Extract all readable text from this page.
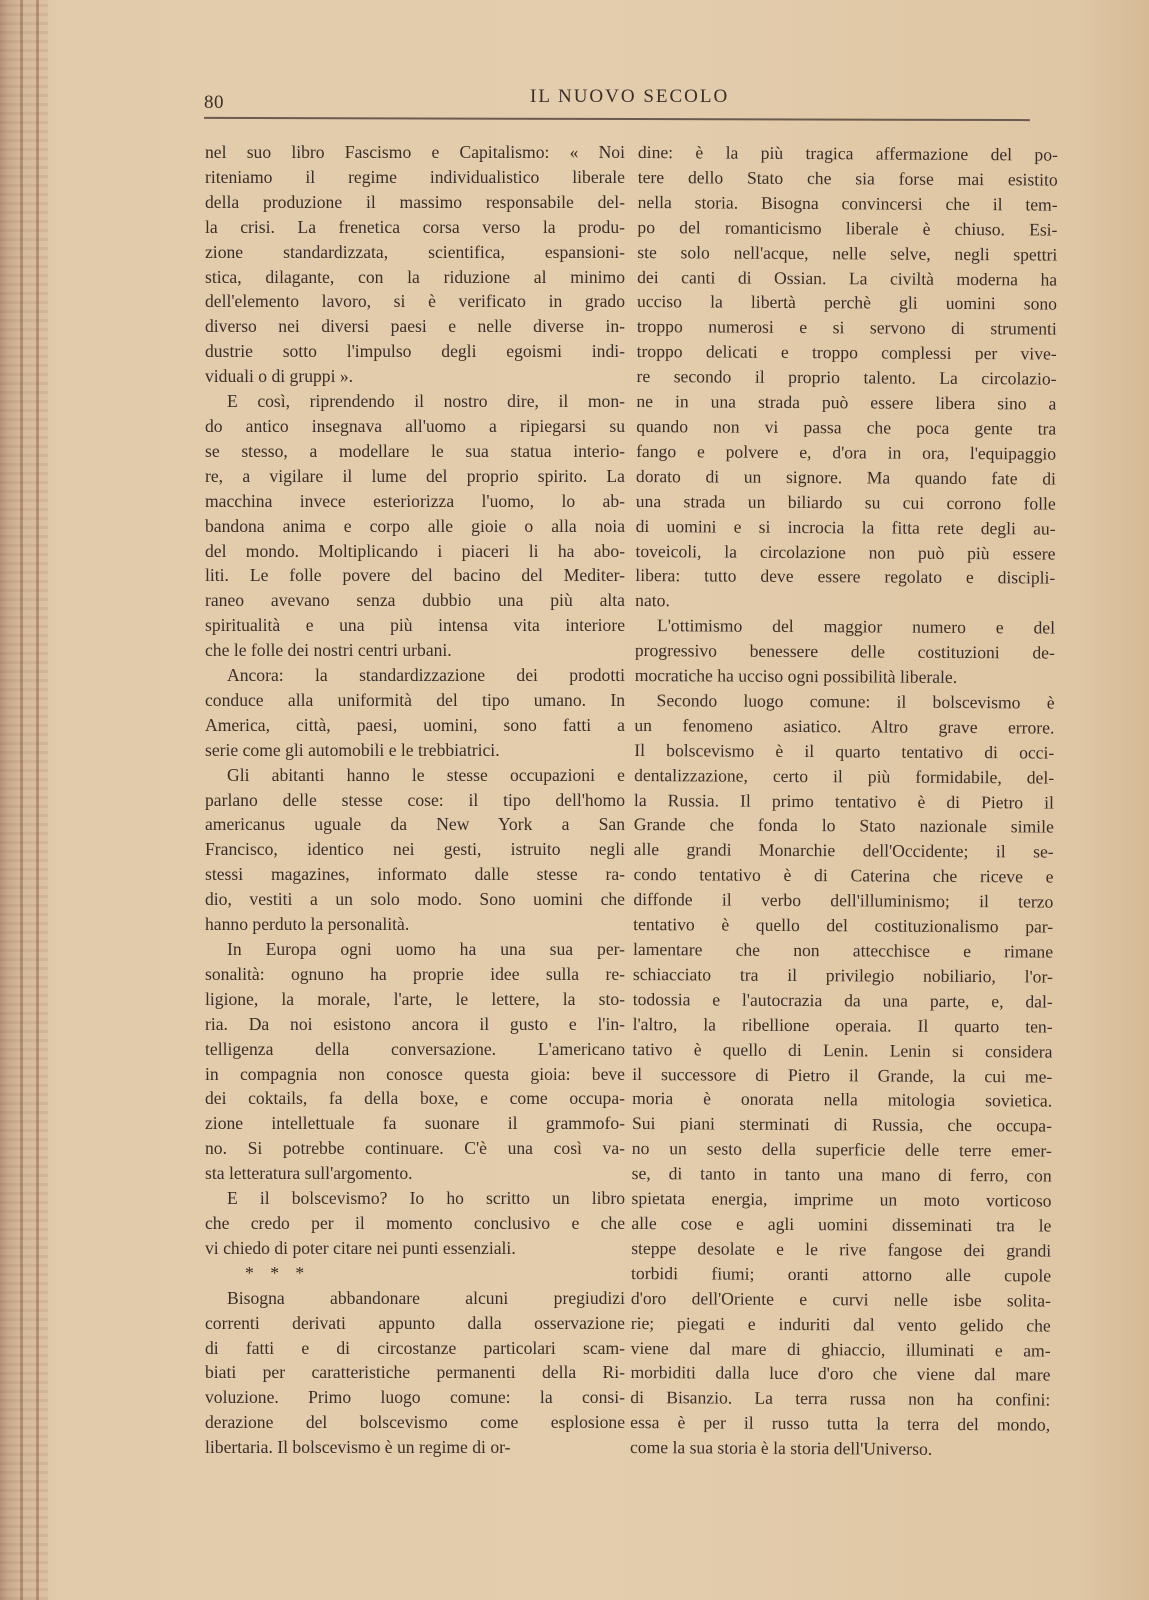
80	IL NUOVO SECOLO
nel suo libro Fascismo e Capitalismo: « Noi
riteniamo il regime individualistico liberale
della produzione il massimo responsabile del-
la crisi. La frenetica corsa verso la produ-
zione standardizzata, scientifica, espansioni-
stica, dilagante, con la riduzione al minimo
dell'elemento lavoro, si è verificato in grado
diverso nei diversi paesi e nelle diverse in-
dustrie sotto l'impulso degli egoismi indi-
viduali o di gruppi ».
E così, riprendendo il nostro dire, il mon-
do antico insegnava all'uomo a ripiegarsi su
se stesso, a modellare le sua statua interio-
re, a vigilare il lume del proprio spirito. La
macchina invece esteriorizza l'uomo, lo ab-
bandona anima e corpo alle gioie o alla noia
del mondo. Moltiplicando i piaceri li ha abo-
liti. Le folle povere del bacino del Mediter-
raneo avevano senza dubbio una più alta
spiritualità e una più intensa vita interiore
che le folle dei nostri centri urbani.
Ancora: la standardizzazione dei prodotti
conduce alla uniformità del tipo umano. In
America, città, paesi, uomini, sono fatti a
serie come gli automobili e le trebbiatrici.
Gli abitanti hanno le stesse occupazioni e
parlano delle stesse cose: il tipo dell'homo
americanus uguale da New York a San
Francisco, identico nei gesti, istruito negli
stessi magazines, informato dalle stesse ra-
dio, vestiti a un solo modo. Sono uomini che
hanno perduto la personalità.
In Europa ogni uomo ha una sua per-
sonalità: ognuno ha proprie idee sulla re-
ligione, la morale, l'arte, le lettere, la sto-
ria. Da noi esistono ancora il gusto e l'in-
telligenza della conversazione. L'americano
in compagnia non conosce questa gioia: beve
dei coktails, fa della boxe, e come occupa-
zione intellettuale fa suonare il grammofo-
no. Si potrebbe continuare. C'è una così va-
sta letteratura sull'argomento.
E il bolscevismo? Io ho scritto un libro
che credo per il momento conclusivo e che
vi chiedo di poter citare nei punti essenziali.
* * *
Bisogna abbandonare alcuni pregiudizi
correnti derivati appunto dalla osservazione
di fatti e di circostanze particolari scam-
biati per caratteristiche permanenti della Ri-
voluzione. Primo luogo comune: la consi-
derazione del bolscevismo come esplosione
libertaria. Il bolscevismo è un regime di or-
dine: è la più tragica affermazione del po-
tere dello Stato che sia forse mai esistito
nella storia. Bisogna convincersi che il tem-
po del romanticismo liberale è chiuso. Esi-
ste solo nell'acque, nelle selve, negli spettri
dei canti di Ossian. La civiltà moderna ha
ucciso la libertà perchè gli uomini sono
troppo numerosi e si servono di strumenti
troppo delicati e troppo complessi per vive-
re secondo il proprio talento. La circolazio-
ne in una strada può essere libera sino a
quando non vi passa che poca gente tra
fango e polvere e, d'ora in ora, l'equipaggio
dorato di un signore. Ma quando fate di
una strada un biliardo su cui corrono folle
di uomini e si incrocia la fitta rete degli au-
toveicoli, la circolazione non può più essere
libera: tutto deve essere regolato e discipli-
nato.
L'ottimismo del maggior numero e del
progressivo benessere delle costituzioni de-
mocratiche ha ucciso ogni possibilità liberale.
Secondo luogo comune: il bolscevismo è
un fenomeno asiatico. Altro grave errore.
Il bolscevismo è il quarto tentativo di occi-
dentalizzazione, certo il più formidabile, del-
la Russia. Il primo tentativo è di Pietro il
Grande che fonda lo Stato nazionale simile
alle grandi Monarchie dell'Occidente; il se-
condo tentativo è di Caterina che riceve e
diffonde il verbo dell'illuminismo; il terzo
tentativo è quello del costituzionalismo par-
lamentare che non attecchisce e rimane
schiacciato tra il privilegio nobiliario, l'or-
todossia e l'autocrazia da una parte, e, dal-
l'altro, la ribellione operaia. Il quarto ten-
tativo è quello di Lenin. Lenin si considera
il successore di Pietro il Grande, la cui me-
moria è onorata nella mitologia sovietica.
Sui piani sterminati di Russia, che occupa-
no un sesto della superficie delle terre emer-
se, di tanto in tanto una mano di ferro, con
spietata energia, imprime un moto vorticoso
alle cose e agli uomini disseminati tra le
steppe desolate e le rive fangose dei grandi
torbidi fiumi; oranti attorno alle cupole
d'oro dell'Oriente e curvi nelle isbe solita-
rie; piegati e induriti dal vento gelido che
viene dal mare di ghiaccio, illuminati e am-
morbiditi dalla luce d'oro che viene dal mare
di Bisanzio. La terra russa non ha confini:
essa è per il russo tutta la terra del mondo,
come la sua storia è la storia dell'Universo.
